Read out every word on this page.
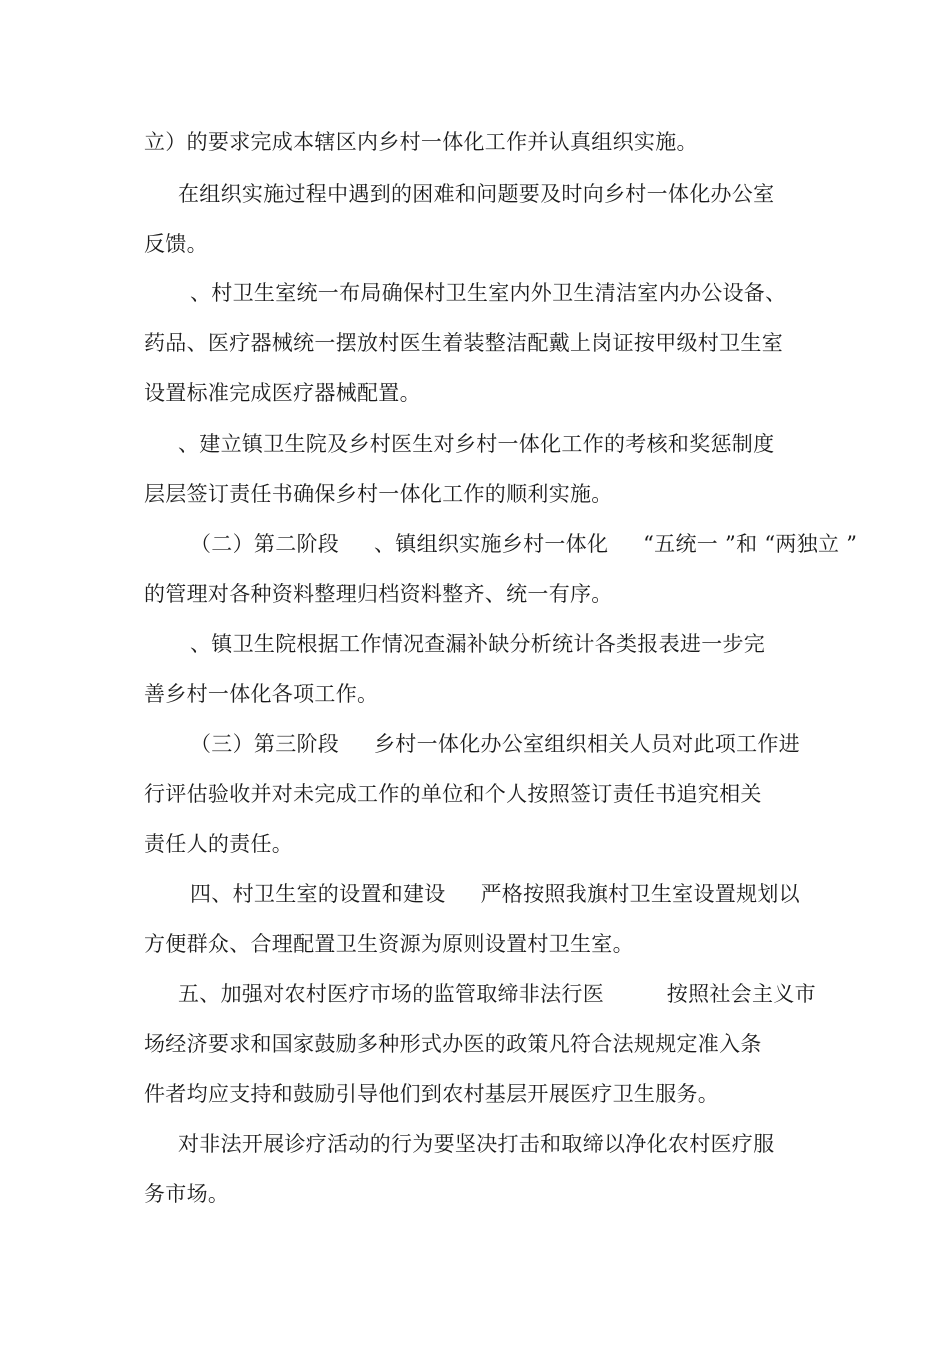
立）的要求完成本辖区内乡村一体化工作并认真组织实施。
在组织实施过程中遇到的困难和问题要及时向乡村一体化办公室
反馈。
、村卫生室统一布局确保村卫生室内外卫生清洁室内办公设备、
药品、医疗器械统一摆放村医生着装整洁配戴上岗证按甲级村卫生室
设置标准完成医疗器械配置。
、建立镇卫生院及乡村医生对乡村一体化工作的考核和奖惩制度
层层签订责任书确保乡村一体化工作的顺利实施。
（二）第二阶段     、镇组织实施乡村一体化     “五统一 ”和 “两独立 ”
的管理对各种资料整理归档资料整齐、统一有序。
、镇卫生院根据工作情况查漏补缺分析统计各类报表进一步完
善乡村一体化各项工作。
（三）第三阶段     乡村一体化办公室组织相关人员对此项工作进
行评估验收并对未完成工作的单位和个人按照签订责任书追究相关
责任人的责任。
四、村卫生室的设置和建设     严格按照我旗村卫生室设置规划以
方便群众、合理配置卫生资源为原则设置村卫生室。
五、加强对农村医疗市场的监管取缔非法行医         按照社会主义市
场经济要求和国家鼓励多种形式办医的政策凡符合法规规定准入条
件者均应支持和鼓励引导他们到农村基层开展医疗卫生服务。
对非法开展诊疗活动的行为要坚决打击和取缔以净化农村医疗服
务市场。
